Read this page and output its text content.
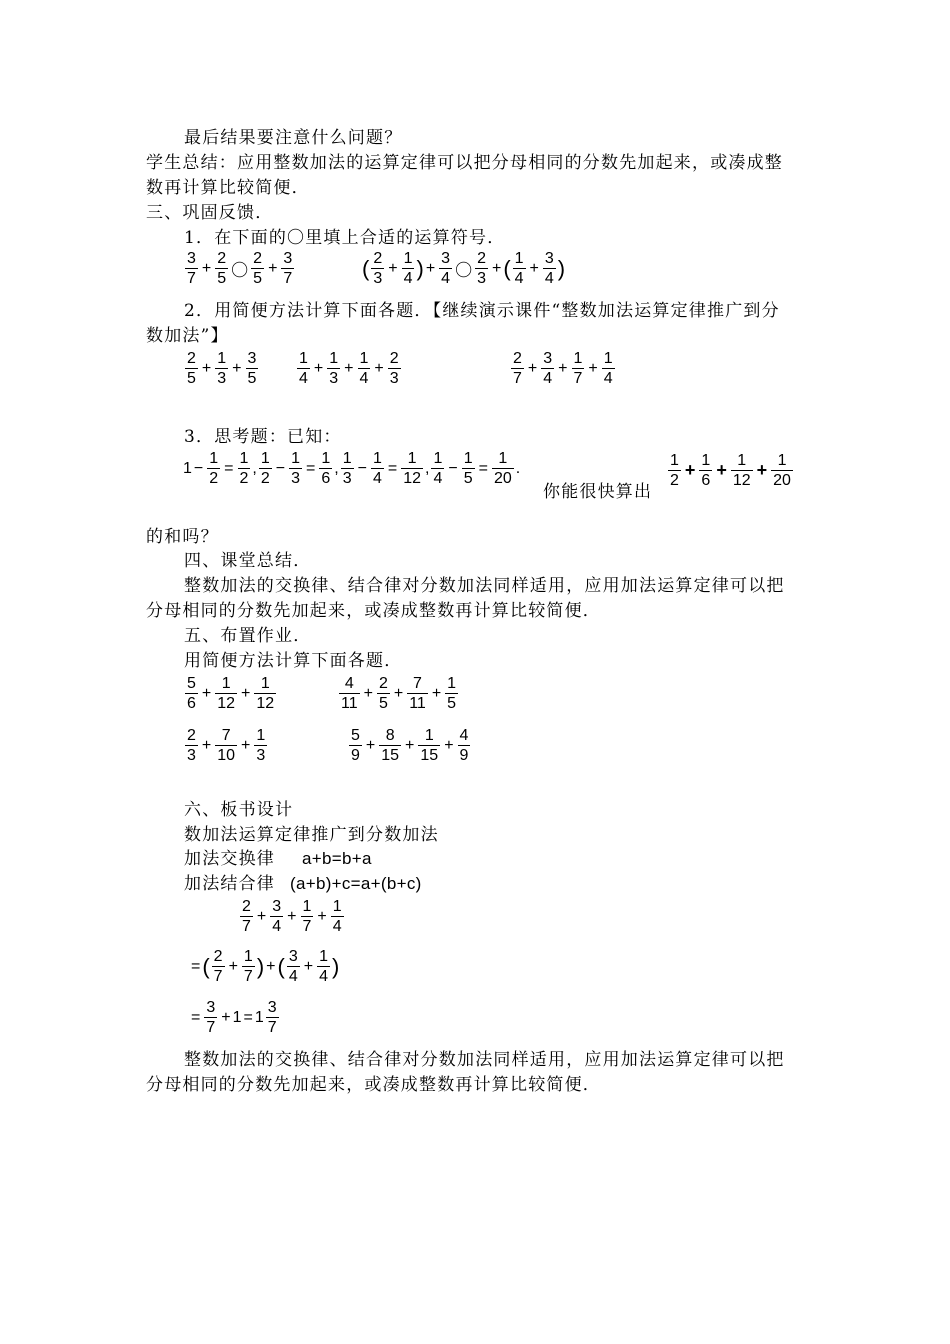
最后结果要注意什么问题？
学生总结：应用整数加法的运算定律可以把分母相同的分数先加起来，或凑成整
数再计算比较简便．
三、巩固反馈．
1．在下面的〇里填上合适的运算符号．
$\frac{3}{7} + \frac{2}{5}$ 〇 $\frac{2}{5} + \frac{3}{7}$	( $\frac{2}{3} + \frac{1}{4}$ ) + $\frac{3}{4}$ 〇 $\frac{2}{3}$ + ( $\frac{1}{4} + \frac{3}{4}$ )
2．用简便方法计算下面各题．【继续演示课件“整数加法运算定律推广到分
数加法”】
$\frac{2}{5} + \frac{1}{3} + \frac{3}{5} \frac{1}{4} + \frac{1}{3} + \frac{1}{4} + \frac{2}{3}$	$\frac{2}{7} + \frac{3}{4} + \frac{1}{7} + \frac{1}{4}$
3．思考题：已知：
$1 - \frac{1}{2} = \frac{1}{2}$ , $\frac{1}{2} - \frac{1}{3} = \frac{1}{6}$ , $\frac{1}{3} - \frac{1}{4} = \frac{1}{12}$ , $\frac{1}{4} - \frac{1}{5} = \frac{1}{20}$ .
你能很快算出
$\frac{1}{2} + \frac{1}{6} + \frac{1}{12} + \frac{1}{20}$
的和吗？
四、课堂总结．
整数加法的交换律、结合律对分数加法同样适用，应用加法运算定律可以把
分母相同的分数先加起来，或凑成整数再计算比较简便．
五、布置作业．
用简便方法计算下面各题．
$\frac{5}{6} + \frac{1}{12} + \frac{1}{12}$	$\frac{4}{11} + \frac{2}{5} + \frac{7}{11} + \frac{1}{5}$
$\frac{2}{3} + \frac{7}{10} + \frac{1}{3}$	$\frac{5}{9} + \frac{8}{15} + \frac{1}{15} + \frac{4}{9}$
六、板书设计
数加法运算定律推广到分数加法
加法交换律 a+b=b+a
加法结合律 (a+b)+c=a+(b+c)
$\frac{2}{7} + \frac{3}{4} + \frac{1}{7} + \frac{1}{4}$
= ( $\frac{2}{7} + \frac{1}{7}$ ) + ( $\frac{3}{4} + \frac{1}{4}$ )
= $\frac{3}{7} + 1 = 1 \frac{3}{7}$
整数加法的交换律、结合律对分数加法同样适用，应用加法运算定律可以把
分母相同的分数先加起来，或凑成整数再计算比较简便．
